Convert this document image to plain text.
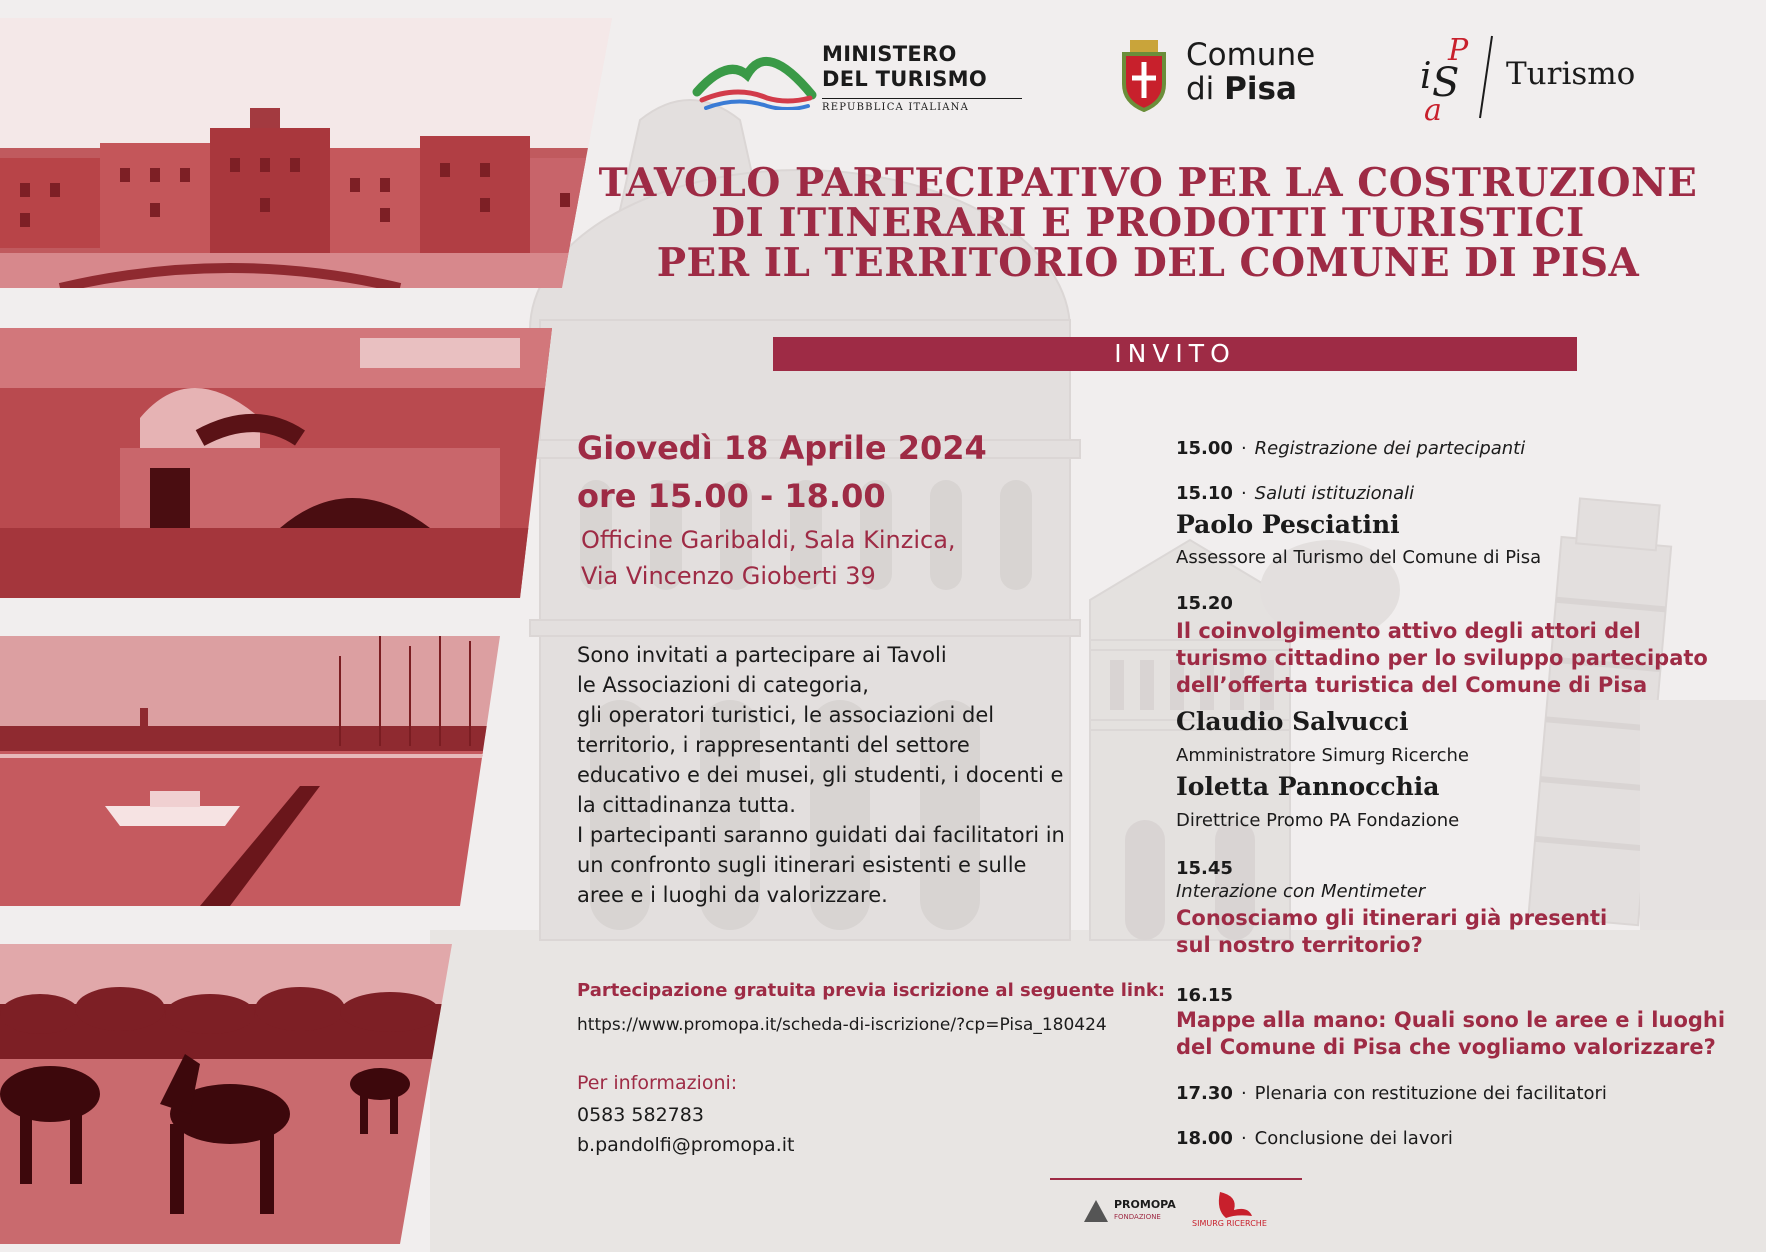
MINISTERO
DEL TURISMO
REPUBBLICA ITALIANA
Comune
di Pisa	i S
P
a
Turismo
TAVOLO PARTECIPATIVO PER LA COSTRUZIONE
DI ITINERARI E PRODOTTI TURISTICI
PER IL TERRITORIO DEL COMUNE DI PISA
INVITO
Giovedì 18 Aprile 2024
ore 15.00 - 18.00
Officine Garibaldi, Sala Kinzica,
Via Vincenzo Gioberti 39
Sono invitati a partecipare ai Tavoli
le Associazioni di categoria,
gli operatori turistici, le associazioni del
territorio, i rappresentanti del settore
educativo e dei musei, gli studenti, i docenti e
la cittadinanza tutta.
I partecipanti saranno guidati dai facilitatori in
un confronto sugli itinerari esistenti e sulle
aree e i luoghi da valorizzare.
Partecipazione gratuita previa iscrizione al seguente link:
https://www.promopa.it/scheda-di-iscrizione/?cp=Pisa_180424
Per informazioni:
0583 582783
b.pandolfi@promopa.it
15.00 · Registrazione dei partecipanti
15.10 · Saluti istituzionali
Paolo Pesciatini
Assessore al Turismo del Comune di Pisa
15.20
Il coinvolgimento attivo degli attori del
turismo cittadino per lo sviluppo partecipato
dell’offerta turistica del Comune di Pisa
Claudio Salvucci
Amministratore Simurg Ricerche
Ioletta Pannocchia
Direttrice Promo PA Fondazione
15.45
Interazione con Mentimeter
Conosciamo gli itinerari già presenti
sul nostro territorio?
16.15
Mappe alla mano: Quali sono le aree e i luoghi
del Comune di Pisa che vogliamo valorizzare?
17.30 · Plenaria con restituzione dei facilitatori
18.00 · Conclusione dei lavori
PROMOPA
FONDAZIONE
SIMURG RICERCHE
